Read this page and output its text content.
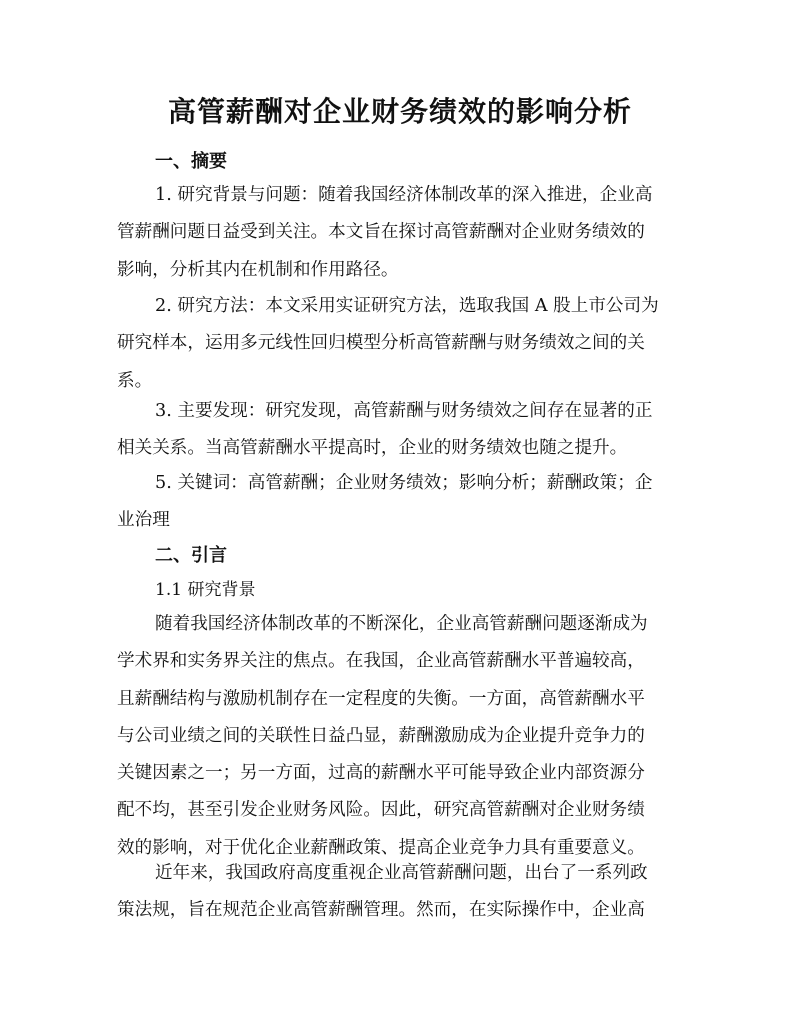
高管薪酬对企业财务绩效的影响分析
一、摘要
1. 研究背景与问题：随着我国经济体制改革的深入推进，企业高
管薪酬问题日益受到关注。本文旨在探讨高管薪酬对企业财务绩效的
影响，分析其内在机制和作用路径。
2. 研究方法：本文采用实证研究方法，选取我国 A 股上市公司为
研究样本，运用多元线性回归模型分析高管薪酬与财务绩效之间的关
系。
3. 主要发现：研究发现，高管薪酬与财务绩效之间存在显著的正
相关关系。当高管薪酬水平提高时，企业的财务绩效也随之提升。
5. 关键词：高管薪酬；企业财务绩效；影响分析；薪酬政策；企
业治理
二、引言
1.1 研究背景
随着我国经济体制改革的不断深化，企业高管薪酬问题逐渐成为
学术界和实务界关注的焦点。在我国，企业高管薪酬水平普遍较高，
且薪酬结构与激励机制存在一定程度的失衡。一方面，高管薪酬水平
与公司业绩之间的关联性日益凸显，薪酬激励成为企业提升竞争力的
关键因素之一；另一方面，过高的薪酬水平可能导致企业内部资源分
配不均，甚至引发企业财务风险。因此，研究高管薪酬对企业财务绩
效的影响，对于优化企业薪酬政策、提高企业竞争力具有重要意义。
近年来，我国政府高度重视企业高管薪酬问题，出台了一系列政
策法规，旨在规范企业高管薪酬管理。然而，在实际操作中，企业高
